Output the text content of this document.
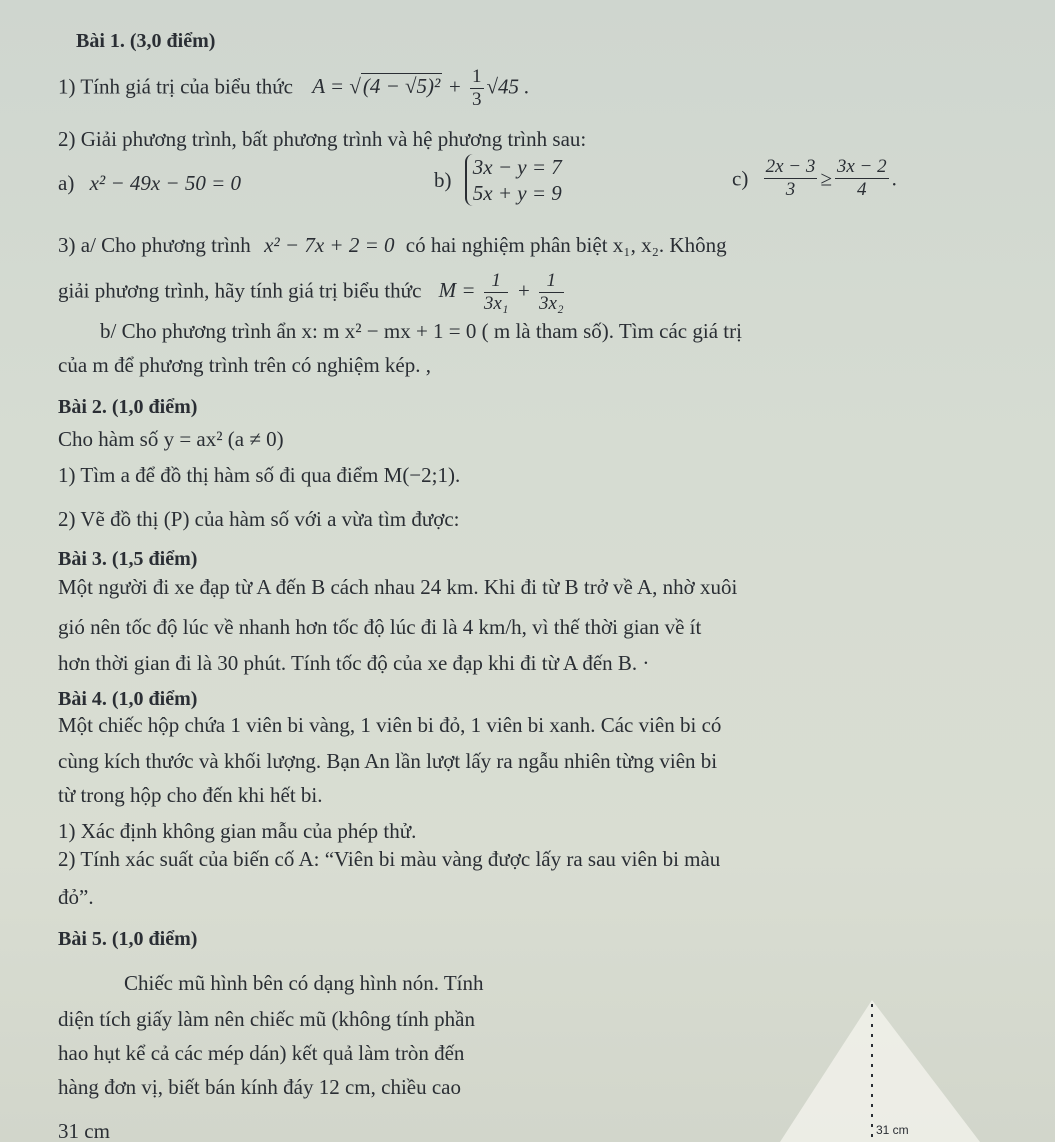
Bài 1. (3,0 điểm)
1) Tính giá trị của biểu thức $A = √(4 - √5)^2 + \frac{1}{3} √45$ .
2) Giải phương trình, bất phương trình và hệ phương trình sau:
a) x² − 49x − 50 = 0	b)
3x − y = 7
5x + y = 9
$c) \frac{2x - 3}{3} \ge \frac{3x - 2}{4}$ .
3) a/ Cho phương trình x² − 7x + 2 = 0 có hai nghiệm phân biệt x₁, x₂. Không
giải phương trình, hãy tính giá trị biểu thức $M = \frac{1}{\text{3x₁}} + \frac{1}{\text{3x₂}}$
b/ Cho phương trình ẩn x: m x² − mx + 1 = 0 ( m là tham số). Tìm các giá trị
của m để phương trình trên có nghiệm kép. ,
Bài 2. (1,0 điểm)
Cho hàm số y = ax² (a ≠ 0)
1) Tìm a để đồ thị hàm số đi qua điểm M(−2;1).
2) Vẽ đồ thị (P) của hàm số với a vừa tìm được:
Bài 3. (1,5 điểm)
Một người đi xe đạp từ A đến B cách nhau 24 km. Khi đi từ B trở về A, nhờ xuôi
gió nên tốc độ lúc về nhanh hơn tốc độ lúc đi là 4 km/h, vì thế thời gian về ít
hơn thời gian đi là 30 phút. Tính tốc độ của xe đạp khi đi từ A đến B. ·
Bài 4. (1,0 điểm)
Một chiếc hộp chứa 1 viên bi vàng, 1 viên bi đỏ, 1 viên bi xanh. Các viên bi có
cùng kích thước và khối lượng. Bạn An lần lượt lấy ra ngẫu nhiên từng viên bi
từ trong hộp cho đến khi hết bi.
1) Xác định không gian mẫu của phép thử.
2) Tính xác suất của biến cố A: “Viên bi màu vàng được lấy ra sau viên bi màu
đỏ”.
Bài 5. (1,0 điểm)
Chiếc mũ hình bên có dạng hình nón. Tính
diện tích giấy làm nên chiếc mũ (không tính phần
hao hụt kể cả các mép dán) kết quả làm tròn đến
hàng đơn vị, biết bán kính đáy 12 cm, chiều cao
31 cm	31 cm
